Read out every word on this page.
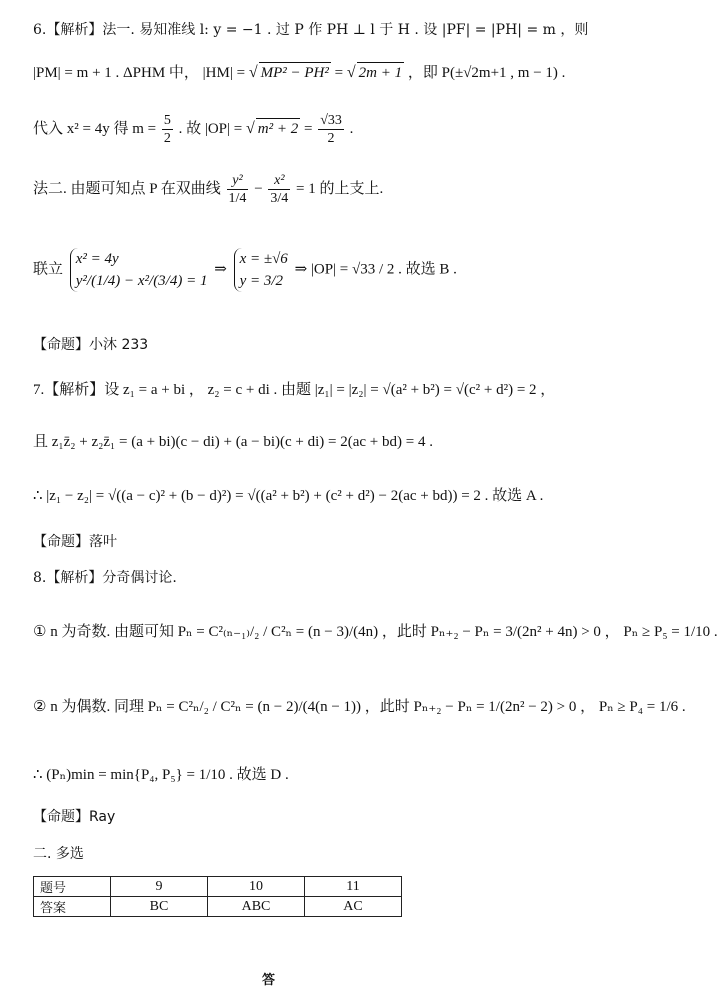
6.【解析】法一. 易知准线 l: y = −1 . 过 P 作 PH ⊥ l 于 H . 设 |PF| = |PH| = m ，则
|PM| = m + 1 . ΔPHM 中， |HM| = √ MP² − PH² = √ 2m + 1 ，即 P(±√2m+1 , m − 1) .
代入 x² = 4y 得 $m = \frac{5}{2}$ . 故 |OP| = √ $m^2 + 2 = \frac{√33}{2}$ .
法二. 由题可知点 P 在双曲线 $\frac{\text{y²}}{1/4} - \frac{\text{x²}}{3/4} = 1$ 的上支上.
联立
x² = 4y
y²/(1/4) − x²/(3/4) = 1
⇒
x = ±√6
y = 3/2
⇒ |OP| = √33 / 2 . 故选 B .
【命题】小沐 233
7.【解析】设 z₁ = a + bi ， z₂ = c + di . 由题 |z₁| = |z₂| = √(a² + b²) = √(c² + d²) = 2 ，
且 z₁z̄₂ + z₂z̄₁ = (a + bi)(c − di) + (a − bi)(c + di) = 2(ac + bd) = 4 .
∴ |z₁ − z₂| = √((a − c)² + (b − d)²) = √((a² + b²) + (c² + d²) − 2(ac + bd)) = 2 . 故选 A .
【命题】落叶
8.【解析】分奇偶讨论.
① n 为奇数. 由题可知 Pₙ = C²₍ₙ₋₁₎/₂ / C²ₙ = (n − 3)/(4n) ，此时 Pₙ₊₂ − Pₙ = 3/(2n² + 4n) > 0 ， Pₙ ≥ P₅ = 1/10 .
② n 为偶数. 同理 Pₙ = C²ₙ/₂ / C²ₙ = (n − 2)/(4(n − 1)) ，此时 Pₙ₊₂ − Pₙ = 1/(2n² − 2) > 0 ， Pₙ ≥ P₄ = 1/6 .
∴ (Pₙ)min = min{P₄, P₅} = 1/10 . 故选 D .
【命题】Ray
二. 多选
题号	9	10	11
答案	BC	ABC	AC
答
